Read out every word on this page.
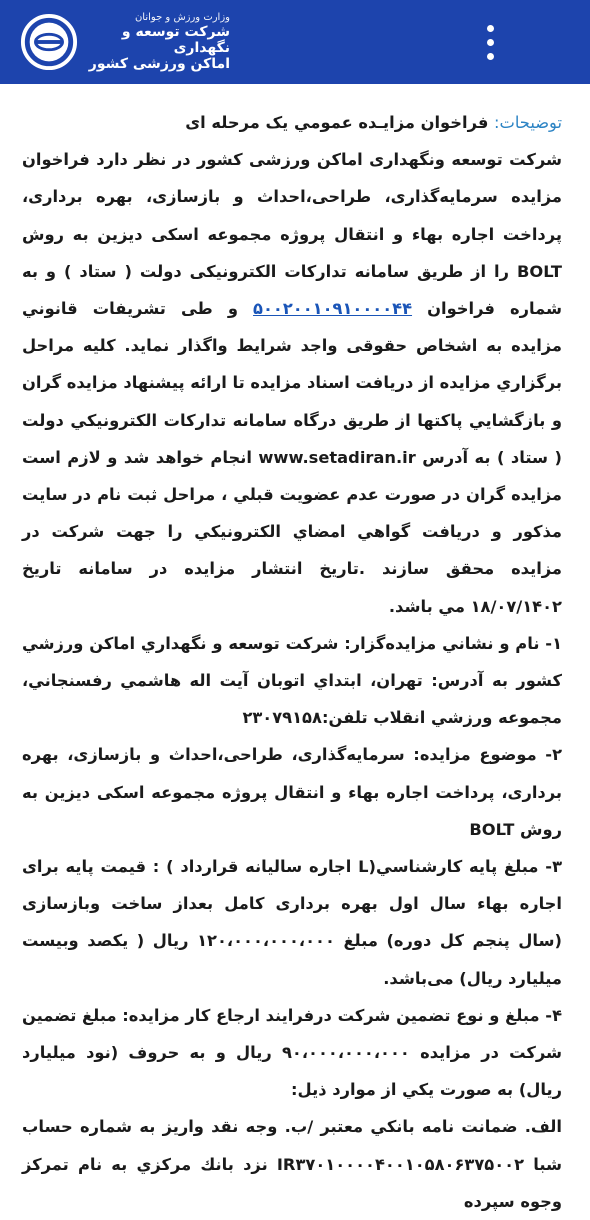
وزارت ورزش و جوانان
شرکت توسعه و نگهداری
اماکن ورزشی کشور

توضیحات: فراخوان مزایـده عمومي يک مرحله ای

شرکت توسعه ونگهداری اماکن ورزشی کشور در نظر دارد فراخوان مزایده سرمایه‌گذاری، طراحی،احداث و بازسازی، بهره برداری، پرداخت اجاره بهاء و انتقال پروژه مجموعه اسکی دیزین به روش BOLT را از طریق سامانه تدارکات الکترونیکی دولت ( ستاد ) و به شماره فراخوان ۵۰۰۲۰۰۱۰۹۱۰۰۰۰۴۴ و طی تشریفات قانوني مزایده به اشخاص حقوقی واجد شرایط واگذار نماید. کلیه مراحل برگزاري مزایده از دریافت اسناد مزایده تا ارائه پیشنهاد مزایده گران و بازگشایي پاکتها از طریق درگاه سامانه تدارکات الکترونیکي دولت ( ستاد ) به آدرس www.setadiran.ir انجام خواهد شد و لازم است مزایده گران در صورت عدم عضویت قبلي ، مراحل ثبت نام در سایت مذکور و دریافت گواهي امضاي الکترونیکي را جهت شرکت در مزایده محقق سازند .تاریخ انتشار مزایده در سامانه تاریخ ۱۸/۰۷/۱۴۰۲ مي باشد.

۱- نام و نشاني مزایده‌گزار: شرکت توسعه و نگهداري اماکن ورزشي کشور به آدرس: تهران، ابتداي اتوبان آیت اله هاشمي رفسنجاني، مجموعه ورزشي انقلاب تلفن:۲۳۰۷۹۱۵۸

۲- موضوع مزایده: سرمایه‌گذاری، طراحی،احداث و بازسازی، بهره برداری، پرداخت اجاره بهاء و انتقال پروژه مجموعه اسکی دیزین به روش BOLT

۳- مبلغ پایه کارشناسي(L اجاره سالیانه قرارداد ) : قیمت پایه برای اجاره بهاء سال اول بهره برداری کامل بعداز ساخت وبازسازی (سال پنجم کل دوره) مبلغ ۱۲۰،۰۰۰،۰۰۰،۰۰۰ ریال ( یکصد وبیست میلیارد ریال) می‌باشد.

۴- مبلغ و نوع تضمین شرکت درفرایند ارجاع کار مزایده: مبلغ تضمین شرکت در مزایده ۹۰،۰۰۰،۰۰۰،۰۰۰ ریال و به حروف (نود میلیارد ریال) به صورت یکي از موارد ذیل:

الف. ضمانت نامه بانکي معتبر /ب. وجه نقد واریز به شماره حساب شبا IR۳۷۰۱۰۰۰۰۴۰۰۱۰۵۸۰۶۳۷۵۰۰۲ نزد بانك مركزي به نام تمركز وجوه سپرده
